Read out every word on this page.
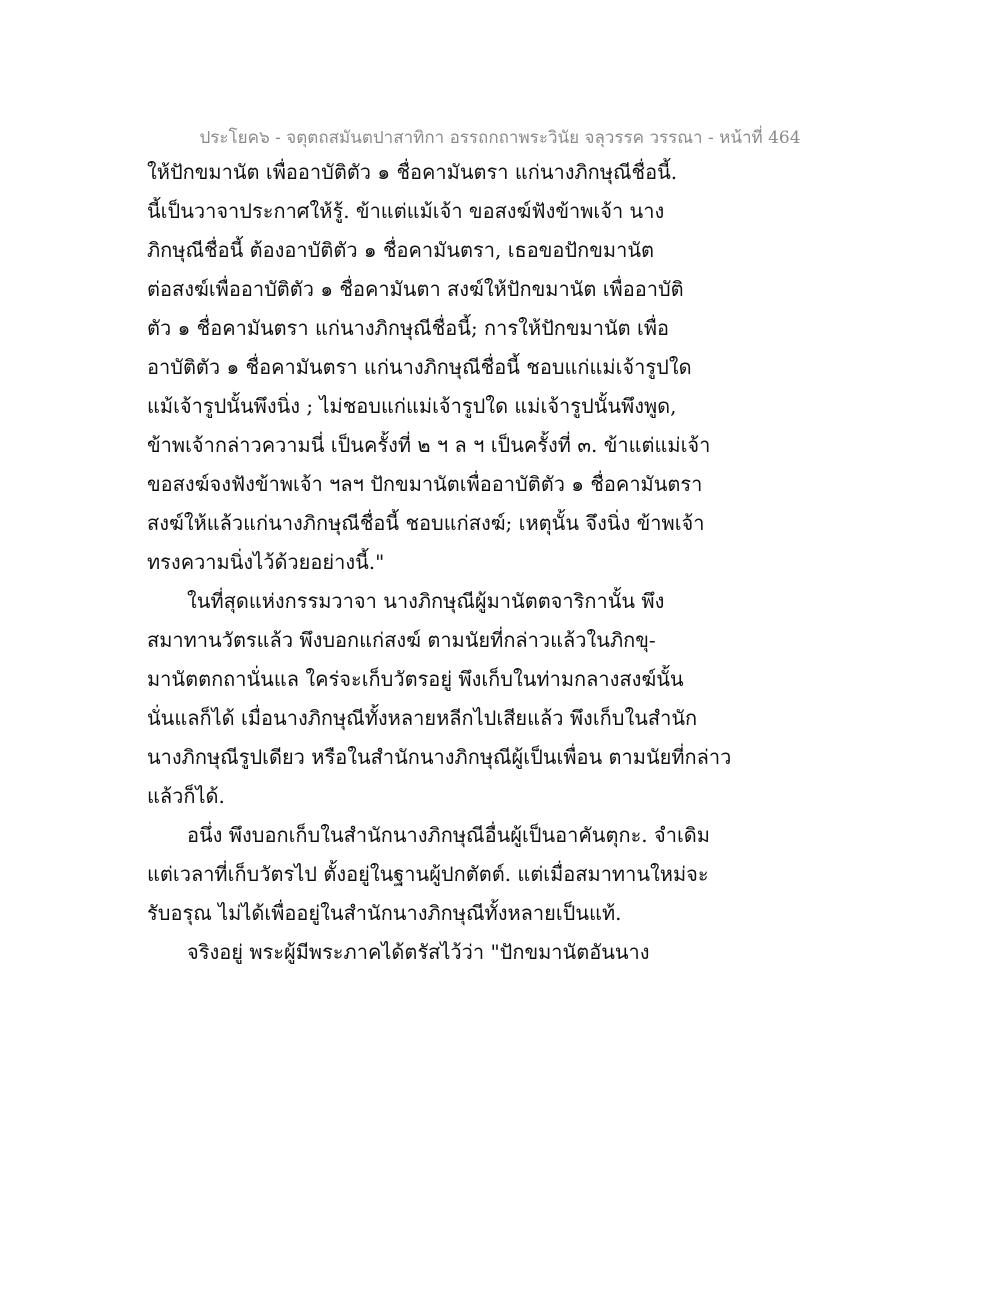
ประโยค๖ - จตุตถสมันตปาสาทิกา อรรถกถาพระวินัย จลุวรรค วรรณา - หน้าที่ 464
ให้ปักขมานัต เพื่ออาบัติตัว ๑ ชื่อคามันตรา แก่นางภิกษุณีชื่อนี้.
นี้เป็นวาจาประกาศให้รู้. ข้าแต่แม้เจ้า ขอสงฆ์ฟังข้าพเจ้า นาง
ภิกษุณีชื่อนี้ ต้องอาบัติตัว ๑ ชื่อคามันตรา, เธอขอปักขมานัต
ต่อสงฆ์เพื่ออาบัติตัว ๑ ชื่อคามันตา สงฆ์ให้ปักขมานัต เพื่ออาบัติ
ตัว ๑ ชื่อคามันตรา แก่นางภิกษุณีชื่อนี้; การให้ปักขมานัต เพื่อ
อาบัติตัว ๑ ชื่อคามันตรา แก่นางภิกษุณีชื่อนี้ ชอบแก่แม่เจ้ารูปใด
แม้เจ้ารูปนั้นพึงนิ่ง ; ไม่ชอบแก่แม่เจ้ารูปใด แม่เจ้ารูปนั้นพึงพูด,
ข้าพเจ้ากล่าวความนี่ เป็นครั้งที่ ๒ ฯ ล ฯ เป็นครั้งที่ ๓. ข้าแต่แม่เจ้า
ขอสงฆ์จงฟังข้าพเจ้า ฯลฯ ปักขมานัตเพื่ออาบัติตัว ๑ ชื่อคามันตรา
สงฆ์ให้แล้วแก่นางภิกษุณีชื่อนี้ ชอบแก่สงฆ์; เหตุนั้น จึงนิ่ง ข้าพเจ้า
ทรงความนิ่งไว้ด้วยอย่างนี้."
ในที่สุดแห่งกรรมวาจา นางภิกษุณีผู้มานัตตจาริกานั้น พึง
สมาทานวัตรแล้ว พึงบอกแก่สงฆ์ ตามนัยที่กล่าวแล้วในภิกขุ-
มานัตตกถานั่นแล ใคร่จะเก็บวัตรอยู่ พึงเก็บในท่ามกลางสงฆ์นั้น
นั่นแลก็ได้ เมื่อนางภิกษุณีทั้งหลายหลีกไปเสียแล้ว พึงเก็บในสำนัก
นางภิกษุณีรูปเดียว หรือในสำนักนางภิกษุณีผู้เป็นเพื่อน ตามนัยที่กล่าว
แล้วก็ได้.
อนึ่ง พึงบอกเก็บในสำนักนางภิกษุณีอื่นผู้เป็นอาคันตุกะ. จำเดิม
แต่เวลาที่เก็บวัตรไป ตั้งอยู่ในฐานผู้ปกตัตต์. แต่เมื่อสมาทานใหม่จะ
รับอรุณ ไม่ได้เพื่ออยู่ในสำนักนางภิกษุณีทั้งหลายเป็นแท้.
จริงอยู่ พระผู้มีพระภาคได้ตรัสไว้ว่า "ปักขมานัตอันนาง
